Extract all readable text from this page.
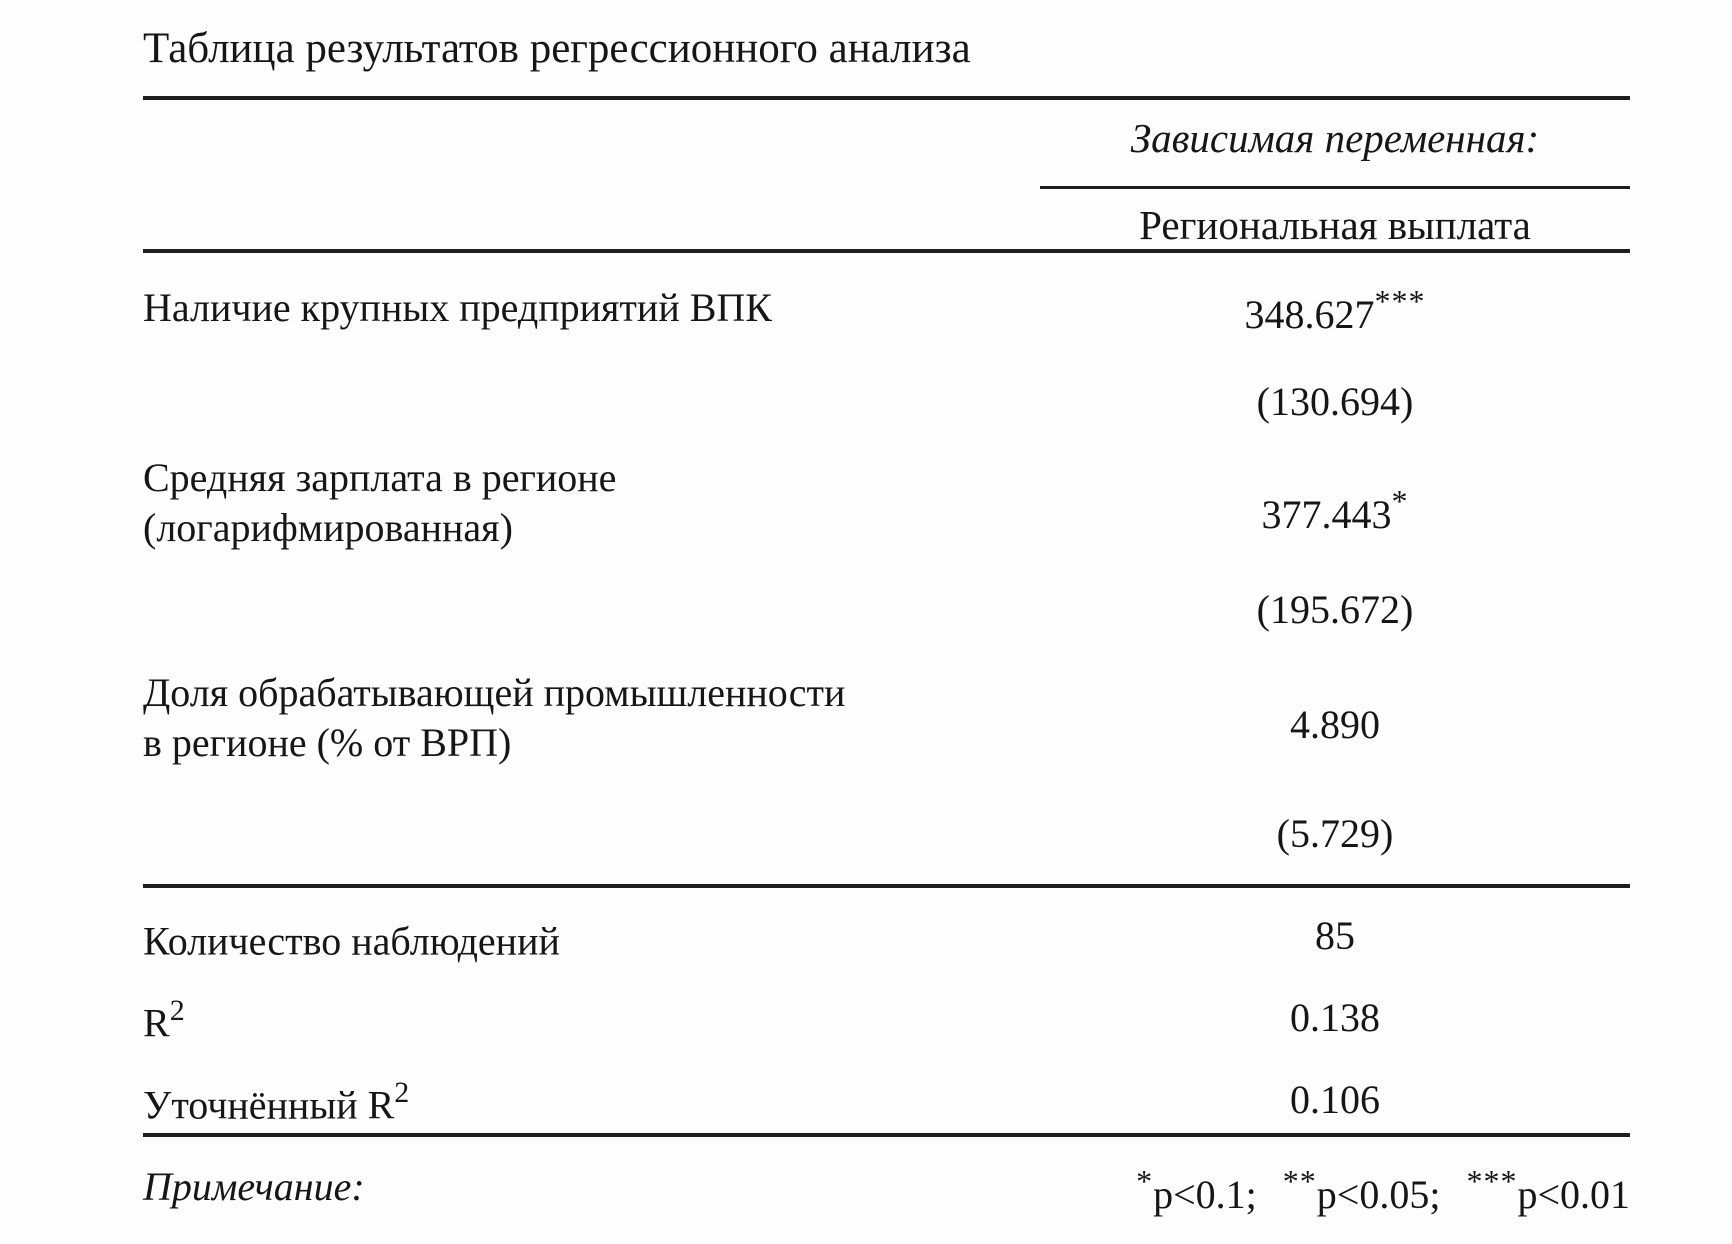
Таблица результатов регрессионного анализа
Зависимая переменная:
Региональная выплата
Наличие крупных предприятий ВПК	348.627***
(130.694)
Средняя зарплата в регионе
(логарифмированная)	377.443*
(195.672)
Доля обрабатывающей промышленности
в регионе (% от ВРП)	4.890
(5.729)
Количество наблюдений	85
$R^2$	0.138
Уточнённый $R^2$	0.106
Примечание:	*p<0.1; **p<0.05; ***p<0.01
